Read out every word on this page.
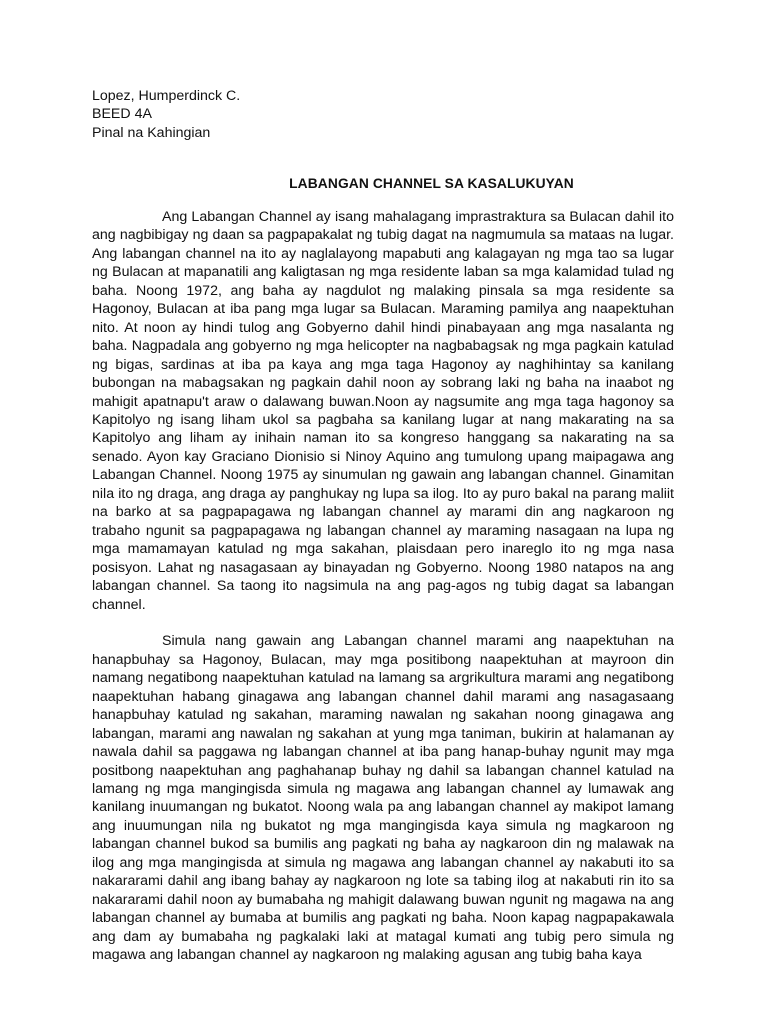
Lopez, Humperdinck C.
BEED 4A
Pinal na Kahingian
LABANGAN CHANNEL SA KASALUKUYAN

Ang Labangan Channel ay isang mahalagang imprastraktura sa Bulacan dahil ito ang nagbibigay ng daan sa pagpapakalat ng tubig dagat na nagmumula sa mataas na lugar. Ang labangan channel na ito ay naglalayong mapabuti ang kalagayan ng mga tao sa lugar ng Bulacan at mapanatili ang kaligtasan ng mga residente laban sa mga kalamidad tulad ng baha. Noong 1972, ang baha ay nagdulot ng malaking pinsala sa mga residente sa Hagonoy, Bulacan at iba pang mga lugar sa Bulacan. Maraming pamilya ang naapektuhan nito. At noon ay hindi tulog ang Gobyerno dahil hindi pinabayaan ang mga nasalanta ng baha. Nagpadala ang gobyerno ng mga helicopter na nagbabagsak ng mga pagkain katulad ng bigas, sardinas at iba pa kaya ang mga taga Hagonoy ay naghihintay sa kanilang bubongan na mabagsakan ng pagkain dahil noon ay sobrang laki ng baha na inaabot ng mahigit apatnapu't araw o dalawang buwan.Noon ay nagsumite ang mga taga hagonoy sa Kapitolyo ng isang liham ukol sa pagbaha sa kanilang lugar at nang makarating na sa Kapitolyo ang liham ay inihain naman ito sa kongreso hanggang sa nakarating na sa senado. Ayon kay Graciano Dionisio si Ninoy Aquino ang tumulong upang maipagawa ang Labangan Channel. Noong 1975 ay sinumulan ng gawain ang labangan channel. Ginamitan nila ito ng draga, ang draga ay panghukay ng lupa sa ilog. Ito ay puro bakal na parang maliit na barko at sa pagpapagawa ng labangan channel ay marami din ang nagkaroon ng trabaho ngunit sa pagpapagawa ng labangan channel ay maraming nasagaan na lupa ng mga mamamayan katulad ng mga sakahan, plaisdaan pero inareglo ito ng mga nasa posisyon. Lahat ng nasagasaan ay binayadan ng Gobyerno. Noong 1980 natapos na ang labangan channel. Sa taong ito nagsimula na ang pag-agos ng tubig dagat sa labangan channel.

Simula nang gawain ang Labangan channel marami ang naapektuhan na hanapbuhay sa Hagonoy, Bulacan, may mga positibong naapektuhan at mayroon din namang negatibong naapektuhan katulad na lamang sa argrikultura marami ang negatibong naapektuhan habang ginagawa ang labangan channel dahil marami ang nasagasaang hanapbuhay katulad ng sakahan, maraming nawalan ng sakahan noong ginagawa ang labangan, marami ang nawalan ng sakahan at yung mga taniman, bukirin at halamanan ay nawala dahil sa paggawa ng labangan channel at iba pang hanap-buhay ngunit may mga positbong naapektuhan ang paghahanap buhay ng dahil sa labangan channel katulad na lamang ng mga mangingisda simula ng magawa ang labangan channel ay lumawak ang kanilang inuumangan ng bukatot. Noong wala pa ang labangan channel ay makipot lamang ang inuumungan nila ng bukatot ng mga mangingisda kaya simula ng magkaroon ng labangan channel bukod sa bumilis ang pagkati ng baha ay nagkaroon din ng malawak na ilog ang mga mangingisda at simula ng magawa ang labangan channel ay nakabuti ito sa nakararami dahil ang ibang bahay ay nagkaroon ng lote sa tabing ilog at nakabuti rin ito sa nakararami dahil noon ay bumabaha ng mahigit dalawang buwan ngunit ng magawa na ang labangan channel ay bumaba at bumilis ang pagkati ng baha. Noon kapag nagpapakawala ang dam ay bumabaha ng pagkalaki laki at matagal kumati ang tubig pero simula ng magawa ang labangan channel ay nagkaroon ng malaking agusan ang tubig baha kaya
